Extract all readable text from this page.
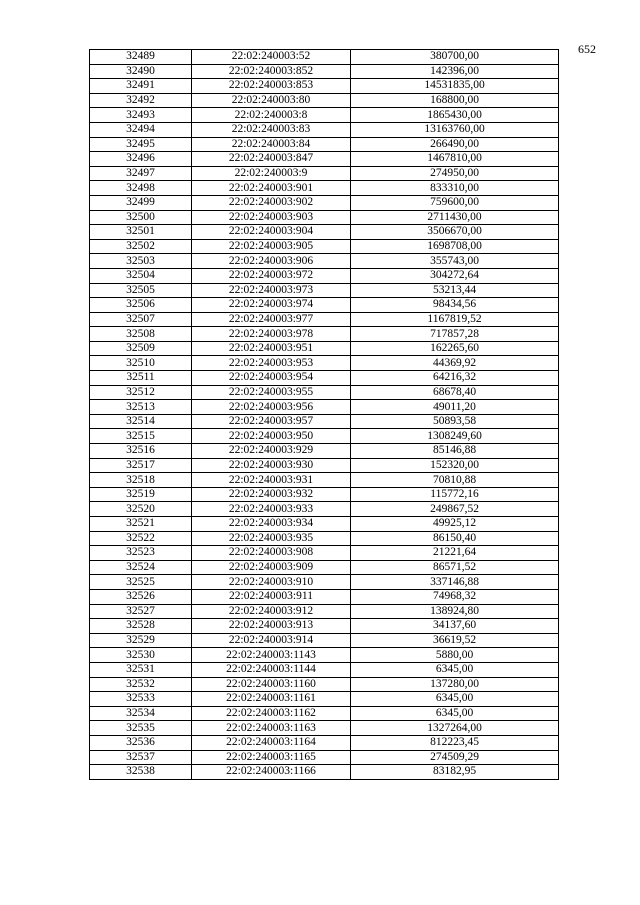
652
32489	22:02:240003:52	380700,00
32490	22:02:240003:852	142396,00
32491	22:02:240003:853	14531835,00
32492	22:02:240003:80	168800,00
32493	22:02:240003:8	1865430,00
32494	22:02:240003:83	13163760,00
32495	22:02:240003:84	266490,00
32496	22:02:240003:847	1467810,00
32497	22:02:240003:9	274950,00
32498	22:02:240003:901	833310,00
32499	22:02:240003:902	759600,00
32500	22:02:240003:903	2711430,00
32501	22:02:240003:904	3506670,00
32502	22:02:240003:905	1698708,00
32503	22:02:240003:906	355743,00
32504	22:02:240003:972	304272,64
32505	22:02:240003:973	53213,44
32506	22:02:240003:974	98434,56
32507	22:02:240003:977	1167819,52
32508	22:02:240003:978	717857,28
32509	22:02:240003:951	162265,60
32510	22:02:240003:953	44369,92
32511	22:02:240003:954	64216,32
32512	22:02:240003:955	68678,40
32513	22:02:240003:956	49011,20
32514	22:02:240003:957	50893,58
32515	22:02:240003:950	1308249,60
32516	22:02:240003:929	85146,88
32517	22:02:240003:930	152320,00
32518	22:02:240003:931	70810,88
32519	22:02:240003:932	115772,16
32520	22:02:240003:933	249867,52
32521	22:02:240003:934	49925,12
32522	22:02:240003:935	86150,40
32523	22:02:240003:908	21221,64
32524	22:02:240003:909	86571,52
32525	22:02:240003:910	337146,88
32526	22:02:240003:911	74968,32
32527	22:02:240003:912	138924,80
32528	22:02:240003:913	34137,60
32529	22:02:240003:914	36619,52
32530	22:02:240003:1143	5880,00
32531	22:02:240003:1144	6345,00
32532	22:02:240003:1160	137280,00
32533	22:02:240003:1161	6345,00
32534	22:02:240003:1162	6345,00
32535	22:02:240003:1163	1327264,00
32536	22:02:240003:1164	812223,45
32537	22:02:240003:1165	274509,29
32538	22:02:240003:1166	83182,95
